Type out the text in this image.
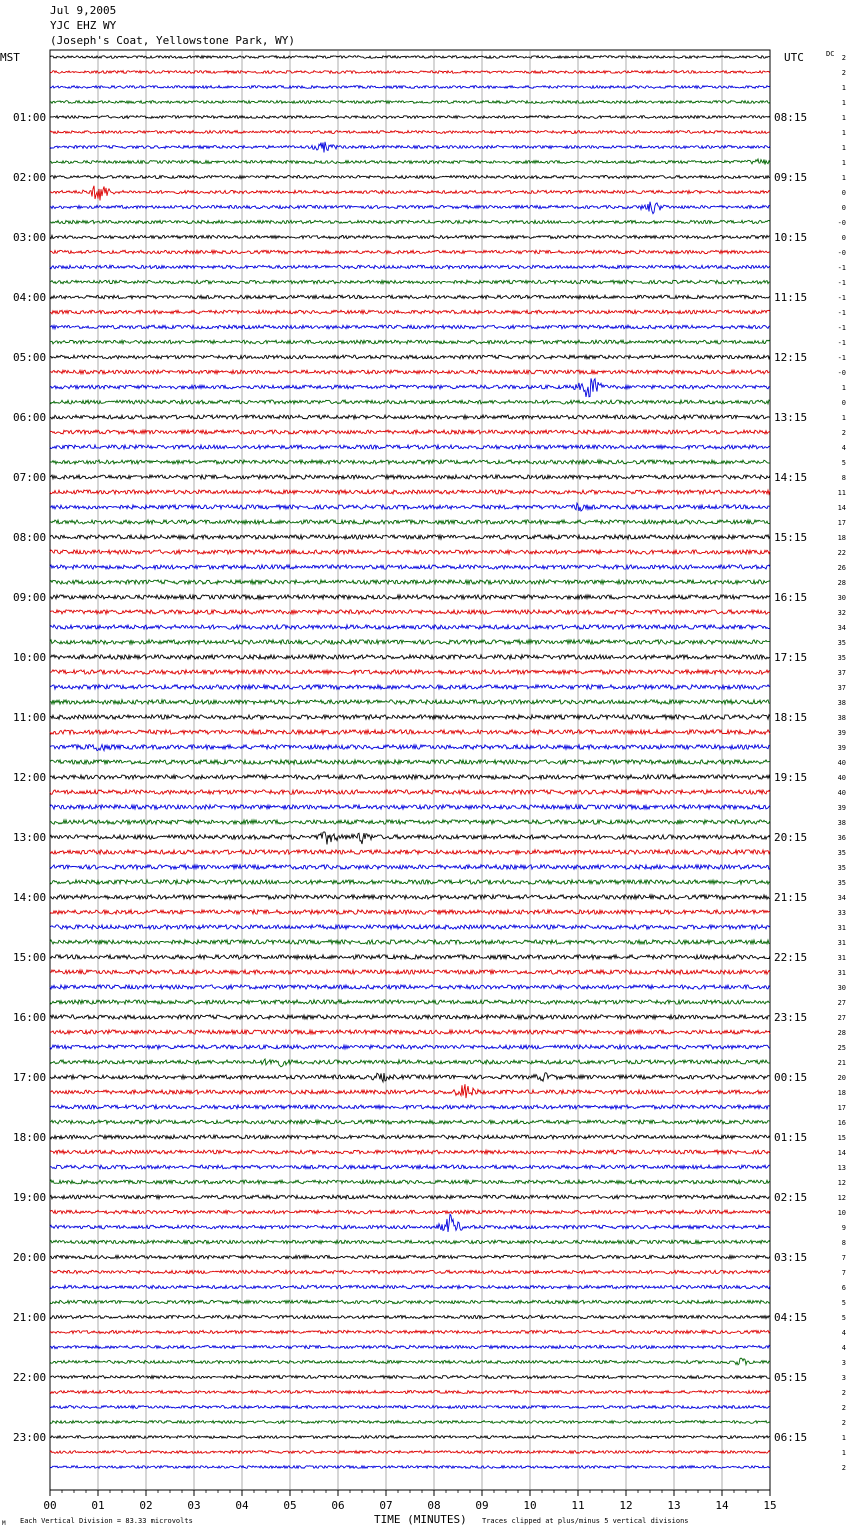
Jul 9,2005
YJC EHZ WY
(Joseph's Coat, Yellowstone Park, WY)
MST	UTC	DC
TIME (MINUTES)
Each Vertical Division = 83.33 microvolts	Traces clipped at plus/minus 5 vertical divisions
M
00	01	02	03	04	05	06	07	08	09	10	11	12	13	14	15
01:00
02:00
03:00
04:00
05:00
06:00
07:00
08:00
09:00
10:00
11:00
12:00
13:00
14:00
15:00
16:00
17:00
18:00
19:00
20:00
21:00
22:00
23:00
08:15
09:15
10:15
11:15
12:15
13:15
14:15
15:15
16:15
17:15
18:15
19:15
20:15
21:15
22:15
23:15
00:15
01:15
02:15
03:15
04:15
05:15
06:15
2
2
1
1
1
1
1
1
1
0
0
-0
0
-0
-1
-1
-1
-1
-1
-1
-1
-0
1
0
1
2
4
5
8
11
14
17
18
22
26
28
30
32
34
35
35
37
37
38
38
39
39
40
40
40
39
38
36
35
35
35
34
33
31
31
31
31
30
27
27
28
25
21
20
18
17
16
15
14
13
12
12
10
9
8
7
7
6
5
5
4
4
3
3
2
2
2
1
1
2
